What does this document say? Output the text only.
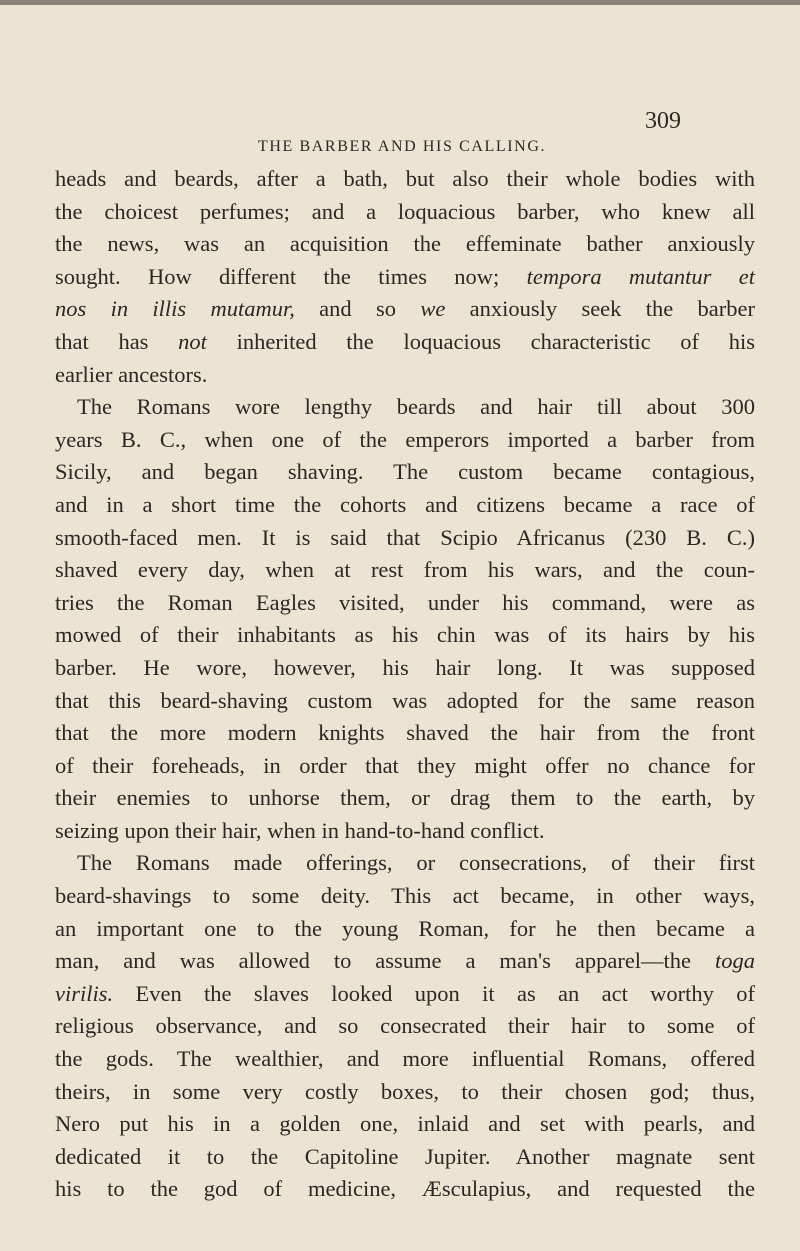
THE BARBER AND HIS CALLING.
309
heads and beards, after a bath, but also their whole bodies with
the choicest perfumes; and a loquacious barber, who knew all
the news, was an acquisition the effeminate bather anxiously
sought. How different the times now; tempora mutantur et
nos in illis mutamur, and so we anxiously seek the barber
that has not inherited the loquacious characteristic of his
earlier ancestors.
The Romans wore lengthy beards and hair till about 300
years B. C., when one of the emperors imported a barber from
Sicily, and began shaving. The custom became contagious,
and in a short time the cohorts and citizens became a race of
smooth-faced men. It is said that Scipio Africanus (230 B. C.)
shaved every day, when at rest from his wars, and the coun-
tries the Roman Eagles visited, under his command, were as
mowed of their inhabitants as his chin was of its hairs by his
barber. He wore, however, his hair long. It was supposed
that this beard-shaving custom was adopted for the same reason
that the more modern knights shaved the hair from the front
of their foreheads, in order that they might offer no chance for
their enemies to unhorse them, or drag them to the earth, by
seizing upon their hair, when in hand-to-hand conflict.
The Romans made offerings, or consecrations, of their first
beard-shavings to some deity. This act became, in other ways,
an important one to the young Roman, for he then became a
man, and was allowed to assume a man's apparel—the toga
virilis. Even the slaves looked upon it as an act worthy of
religious observance, and so consecrated their hair to some of
the gods. The wealthier, and more influential Romans, offered
theirs, in some very costly boxes, to their chosen god; thus,
Nero put his in a golden one, inlaid and set with pearls, and
dedicated it to the Capitoline Jupiter. Another magnate sent
his to the god of medicine, Æsculapius, and requested the
